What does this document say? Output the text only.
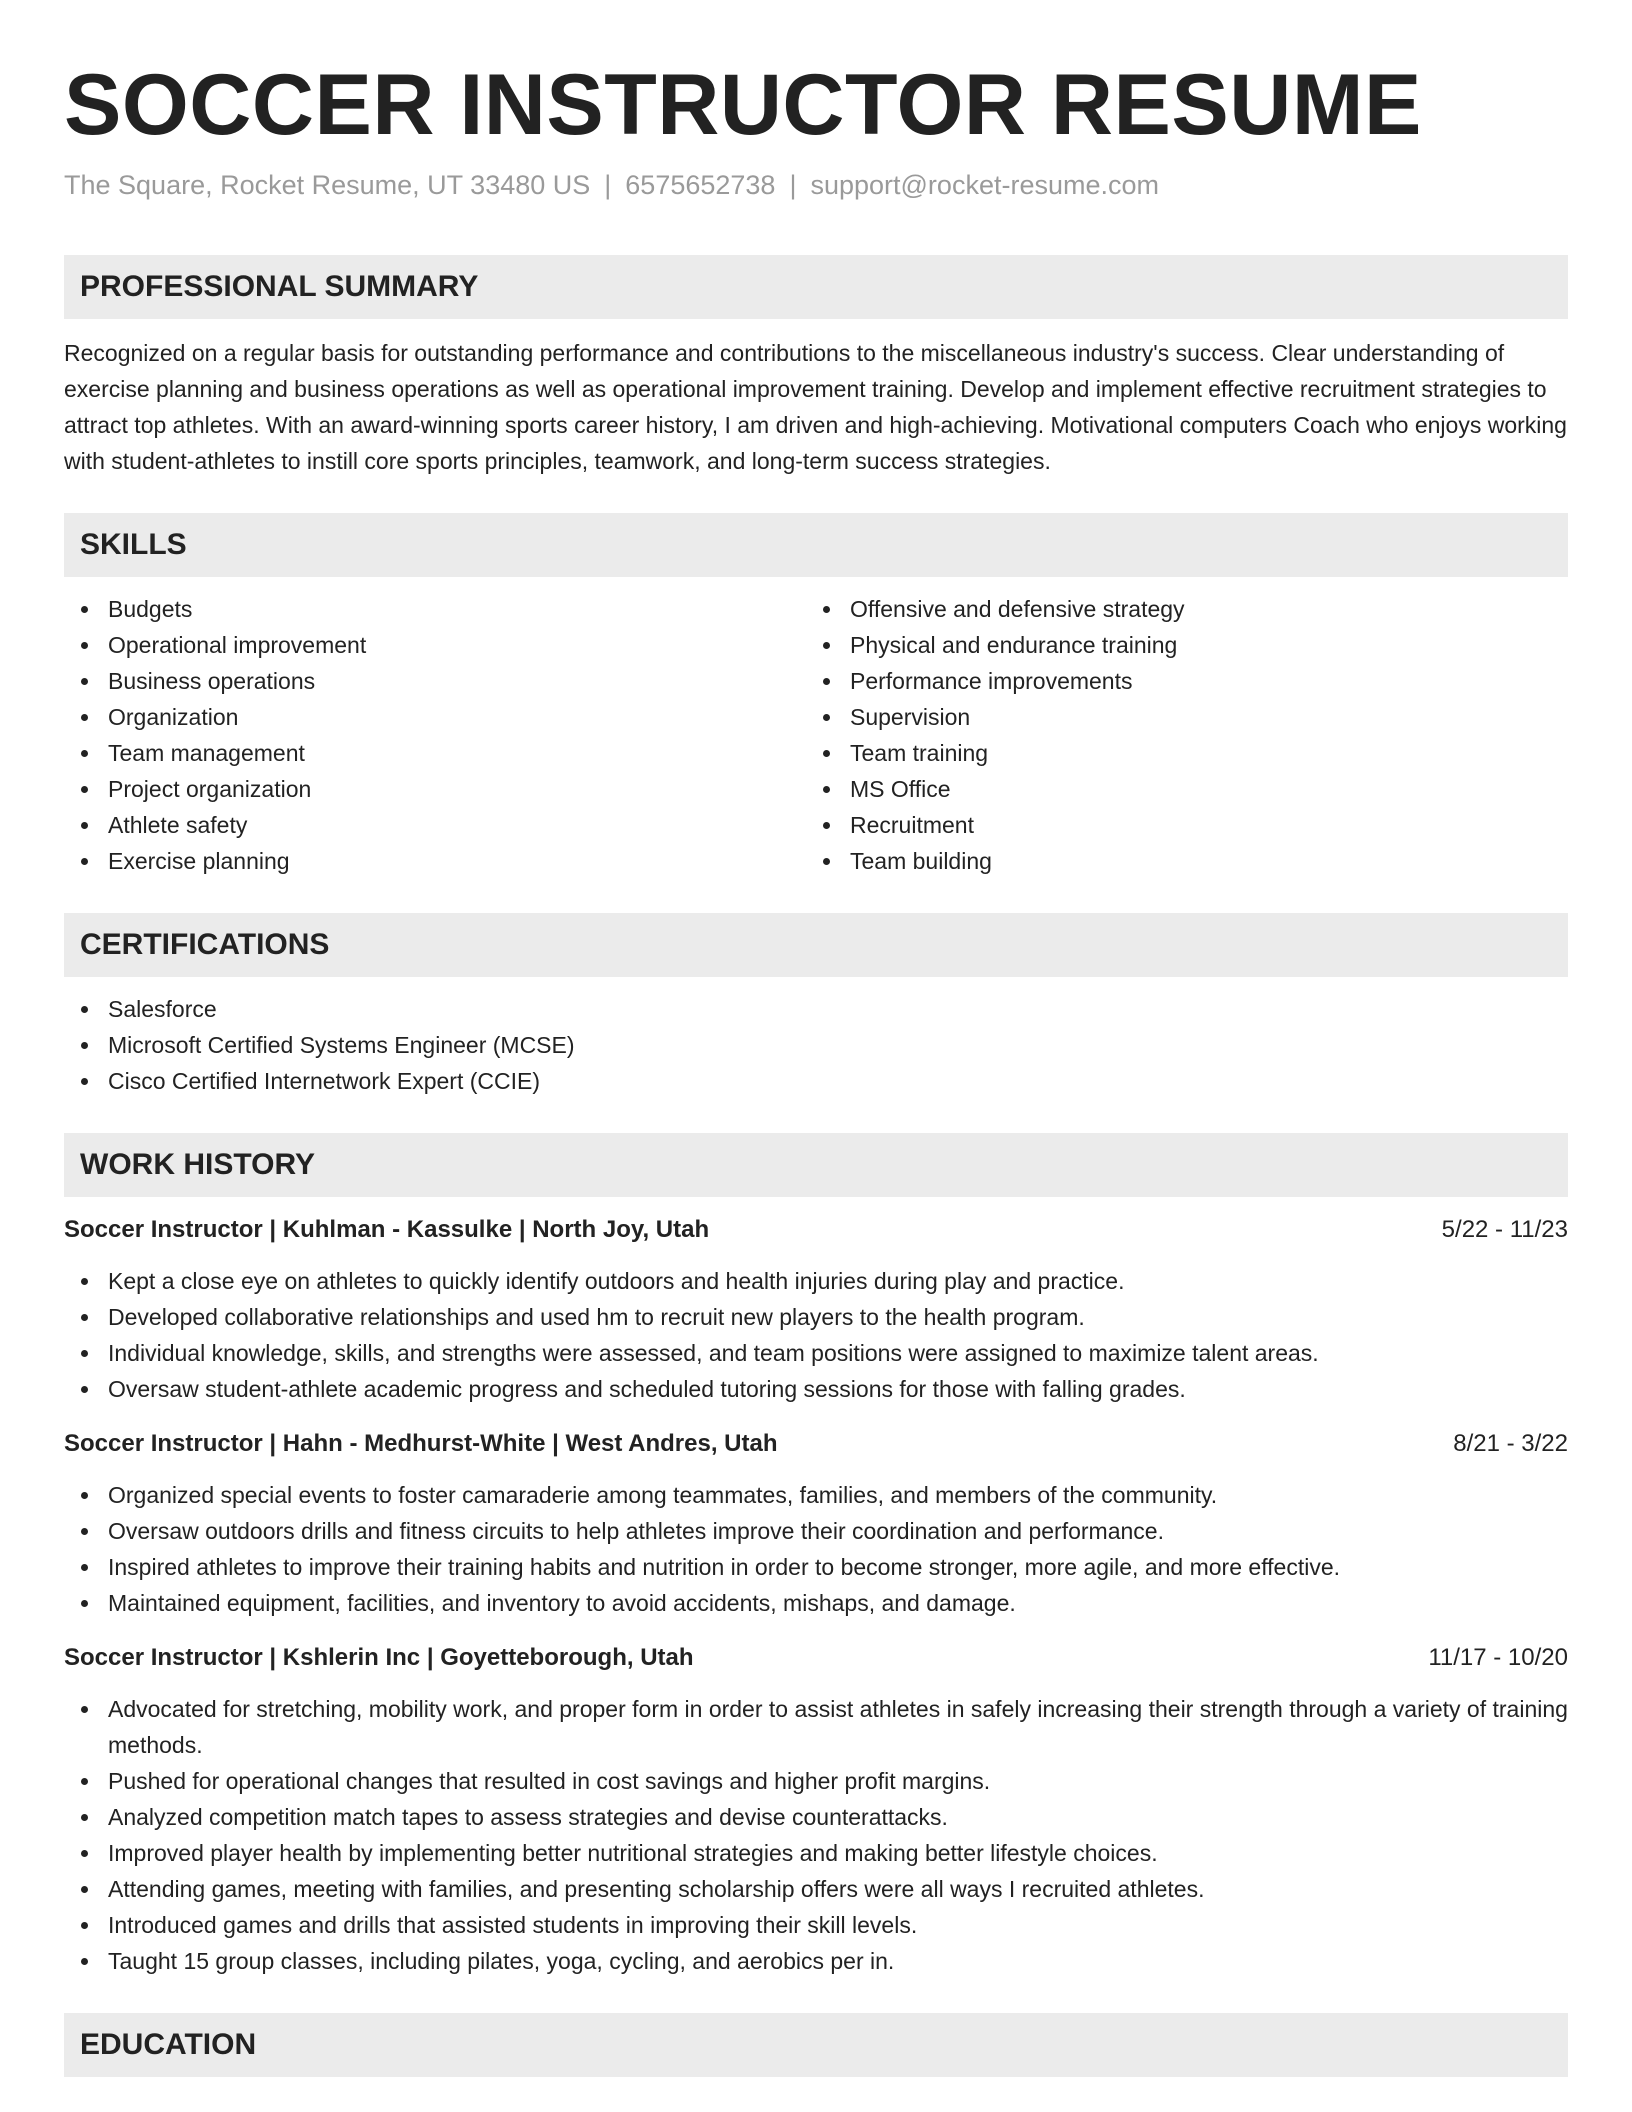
SOCCER INSTRUCTOR RESUME
The Square, Rocket Resume, UT 33480 US | 6575652738 | support@rocket-resume.com
PROFESSIONAL SUMMARY

Recognized on a regular basis for outstanding performance and contributions to the miscellaneous industry's success. Clear understanding of exercise planning and business operations as well as operational improvement training. Develop and implement effective recruitment strategies to attract top athletes. With an award-winning sports career history, I am driven and high-achieving. Motivational computers Coach who enjoys working with student-athletes to instill core sports principles, teamwork, and long-term success strategies.

SKILLS
Budgets
Operational improvement
Business operations
Organization
Team management
Project organization
Athlete safety
Exercise planning
Offensive and defensive strategy
Physical and endurance training
Performance improvements
Supervision
Team training
MS Office
Recruitment
Team building
CERTIFICATIONS
Salesforce
Microsoft Certified Systems Engineer (MCSE)
Cisco Certified Internetwork Expert (CCIE)
WORK HISTORY
Soccer Instructor | Kuhlman - Kassulke | North Joy, Utah	5/22 - 11/23
Kept a close eye on athletes to quickly identify outdoors and health injuries during play and practice.
Developed collaborative relationships and used hm to recruit new players to the health program.
Individual knowledge, skills, and strengths were assessed, and team positions were assigned to maximize talent areas.
Oversaw student-athlete academic progress and scheduled tutoring sessions for those with falling grades.
Soccer Instructor | Hahn - Medhurst-White | West Andres, Utah	8/21 - 3/22
Organized special events to foster camaraderie among teammates, families, and members of the community.
Oversaw outdoors drills and fitness circuits to help athletes improve their coordination and performance.
Inspired athletes to improve their training habits and nutrition in order to become stronger, more agile, and more effective.
Maintained equipment, facilities, and inventory to avoid accidents, mishaps, and damage.
Soccer Instructor | Kshlerin Inc | Goyetteborough, Utah	11/17 - 10/20
Advocated for stretching, mobility work, and proper form in order to assist athletes in safely increasing their strength through a variety of training methods.
Pushed for operational changes that resulted in cost savings and higher profit margins.
Analyzed competition match tapes to assess strategies and devise counterattacks.
Improved player health by implementing better nutritional strategies and making better lifestyle choices.
Attending games, meeting with families, and presenting scholarship offers were all ways I recruited athletes.
Introduced games and drills that assisted students in improving their skill levels.
Taught 15 group classes, including pilates, yoga, cycling, and aerobics per in.
EDUCATION
